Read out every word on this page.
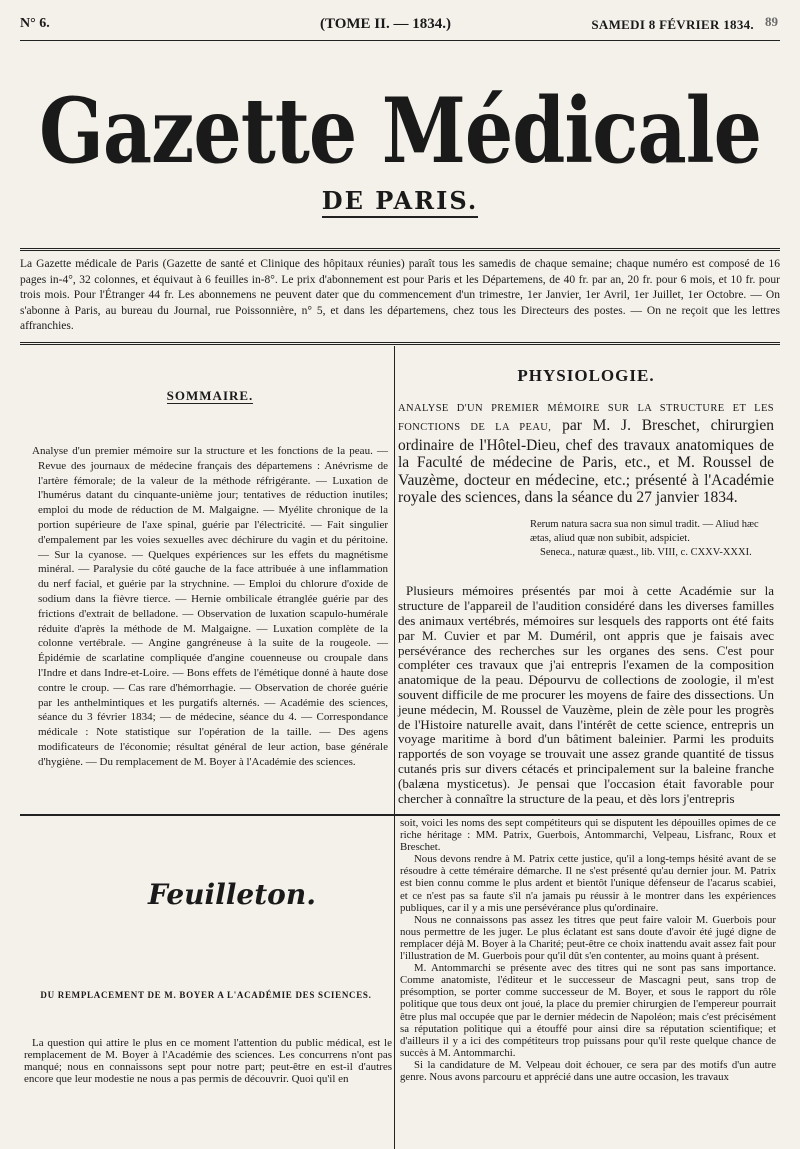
N° 6.	(TOME II. — 1834.)	SAMEDI 8 FÉVRIER 1834. 89
Gazette Médicale
DE PARIS.
La Gazette médicale de Paris (Gazette de santé et Clinique des hôpitaux réunies) paraît tous les samedis de chaque semaine; chaque numéro est composé de 16 pages in-4°, 32 colonnes, et équivaut à 6 feuilles in-8°. Le prix d'abonnement est pour Paris et les Départemens, de 40 fr. par an, 20 fr. pour 6 mois, et 10 fr. pour trois mois. Pour l'Étranger 44 fr. Les abonnemens ne peuvent dater que du commencement d'un trimestre, 1er Janvier, 1er Avril, 1er Juillet, 1er Octobre. — On s'abonne à Paris, au bureau du Journal, rue Poissonnière, n° 5, et dans les départemens, chez tous les Directeurs des postes. — On ne reçoit que les lettres affranchies.
SOMMAIRE.
Analyse d'un premier mémoire sur la structure et les fonctions de la peau. — Revue des journaux de médecine français des départemens : Anévrisme de l'artère fémorale; de la valeur de la méthode réfrigérante. — Luxation de l'humérus datant du cinquante-unième jour; tentatives de réduction inutiles; emploi du mode de réduction de M. Malgaigne. — Myélite chronique de la portion supérieure de l'axe spinal, guérie par l'électricité. — Fait singulier d'empalement par les voies sexuelles avec déchirure du vagin et du péritoine. — Sur la cyanose. — Quelques expériences sur les effets du magnétisme minéral. — Paralysie du côté gauche de la face attribuée à une inflammation du nerf facial, et guérie par la strychnine. — Emploi du chlorure d'oxide de sodium dans la fièvre tierce. — Hernie ombilicale étranglée guérie par des frictions d'extrait de belladone. — Observation de luxation scapulo-humérale réduite d'après la méthode de M. Malgaigne. — Luxation complète de la colonne vertébrale. — Angine gangréneuse à la suite de la rougeole. — Épidémie de scarlatine compliquée d'angine couenneuse ou croupale dans l'Indre et dans Indre-et-Loire. — Bons effets de l'émétique donné à haute dose contre le croup. — Cas rare d'hémorrhagie. — Observation de chorée guérie par les anthelmintiques et les purgatifs alternés. — Académie des sciences, séance du 3 février 1834; — de médecine, séance du 4. — Correspondance médicale : Note statistique sur l'opération de la taille. — Des agens modificateurs de l'économie; résultat général de leur action, base générale d'hygiène. — Du remplacement de M. Boyer à l'Académie des sciences.
PHYSIOLOGIE.
ANALYSE D'UN PREMIER MÉMOIRE SUR LA STRUCTURE ET LES FONCTIONS DE LA PEAU, par M. J. Breschet, chirurgien ordinaire de l'Hôtel-Dieu, chef des travaux anatomiques de la Faculté de médecine de Paris, etc., et M. Roussel de Vauzème, docteur en médecine, etc.; présenté à l'Académie royale des sciences, dans la séance du 27 janvier 1834.
Rerum natura sacra sua non simul tradit. — Aliud hæc ætas, aliud quæ non subibit, adspiciet.
Seneca., naturæ quæst., lib. VIII, c. CXXV-XXXI.
Plusieurs mémoires présentés par moi à cette Académie sur la structure de l'appareil de l'audition considéré dans les diverses familles des animaux vertébrés, mémoires sur lesquels des rapports ont été faits par M. Cuvier et par M. Duméril, ont appris que je faisais avec persévérance des recherches sur les organes des sens. C'est pour compléter ces travaux que j'ai entrepris l'examen de la composition anatomique de la peau. Dépourvu de collections de zoologie, il m'est souvent difficile de me procurer les moyens de faire des dissections. Un jeune médecin, M. Roussel de Vauzème, plein de zèle pour les progrès de l'Histoire naturelle avait, dans l'intérêt de cette science, entrepris un voyage maritime à bord d'un bâtiment baleinier. Parmi les produits rapportés de son voyage se trouvait une assez grande quantité de tissus cutanés pris sur divers cétacés et principalement sur la baleine franche (balæna mysticetus). Je pensai que l'occasion était favorable pour chercher à connaître la structure de la peau, et dès lors j'entrepris
Feuilleton.
DU REMPLACEMENT DE M. BOYER A L'ACADÉMIE DES SCIENCES.
La question qui attire le plus en ce moment l'attention du public médical, est le remplacement de M. Boyer à l'Académie des sciences. Les concurrens n'ont pas manqué; nous en connaissons sept pour notre part; peut-être en est-il d'autres encore que leur modestie ne nous a pas permis de découvrir. Quoi qu'il en

soit, voici les noms des sept compétiteurs qui se disputent les dépouilles opimes de ce riche héritage : MM. Patrix, Guerbois, Antommarchi, Velpeau, Lisfranc, Roux et Breschet.

Nous devons rendre à M. Patrix cette justice, qu'il a long-temps hésité avant de se résoudre à cette téméraire démarche. Il ne s'est présenté qu'au dernier jour. M. Patrix est bien connu comme le plus ardent et bientôt l'unique défenseur de l'acarus scabiei, et ce n'est pas sa faute s'il n'a jamais pu réussir à le montrer dans les expériences publiques, car il y a mis une persévérance plus qu'ordinaire.

Nous ne connaissons pas assez les titres que peut faire valoir M. Guerbois pour nous permettre de les juger. Le plus éclatant est sans doute d'avoir été jugé digne de remplacer déjà M. Boyer à la Charité; peut-être ce choix inattendu avait assez fait pour l'illustration de M. Guerbois pour qu'il dût s'en contenter, au moins quant à présent.

M. Antommarchi se présente avec des titres qui ne sont pas sans importance. Comme anatomiste, l'éditeur et le successeur de Mascagni peut, sans trop de présomption, se porter comme successeur de M. Boyer, et sous le rapport du rôle politique que tous deux ont joué, la place du premier chirurgien de l'empereur pourrait être plus mal occupée que par le dernier médecin de Napoléon; mais c'est précisément sa réputation politique qui a étouffé pour ainsi dire sa réputation scientifique; et d'ailleurs il y a ici des compétiteurs trop puissans pour qu'il reste quelque chance de succès à M. Antommarchi.

Si la candidature de M. Velpeau doit échouer, ce sera par des motifs d'un autre genre. Nous avons parcouru et apprécié dans une autre occasion, les travaux
